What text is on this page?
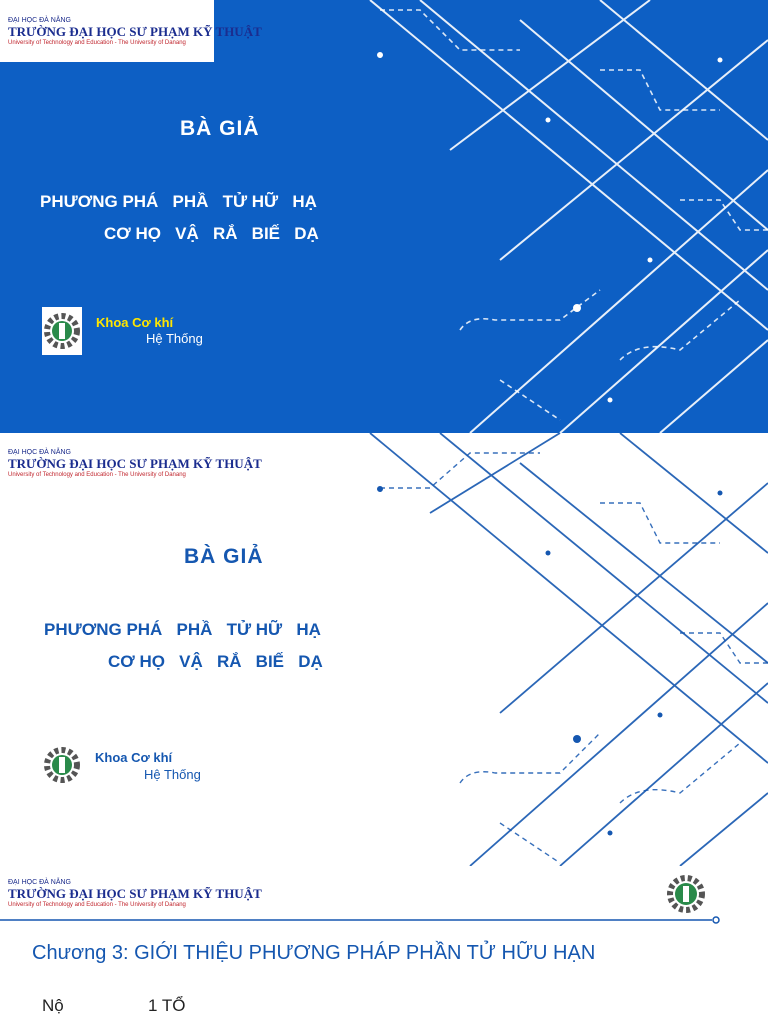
ĐẠI HỌC ĐÀ NẴNG
TRƯỜNG ĐẠI HỌC SƯ PHẠM KỸ THUẬT
University of Technology and Education - The University of Danang
BÀ GIẢ
PHƯƠNG PHÁ   PHẦ   TỬ HỮ   HẠ
CƠ HỌ   VẬ   RẮ   BIẾ   DẠ
Khoa Cơ khí
Hệ Thống
ĐẠI HỌC ĐÀ NẴNG
TRƯỜNG ĐẠI HỌC SƯ PHẠM KỸ THUẬT
University of Technology and Education - The University of Danang
BÀ GIẢ
PHƯƠNG PHÁ   PHẦ   TỬ HỮ   HẠ
CƠ HỌ   VẬ   RẮ   BIẾ   DẠ
Khoa Cơ khí
Hệ Thống
ĐẠI HỌC ĐÀ NẴNG
TRƯỜNG ĐẠI HỌC SƯ PHẠM KỸ THUẬT
University of Technology and Education - The University of Danang
Chương 3: GIỚI THIỆU PHƯƠNG PHÁP PHẦN TỬ HỮU HẠN
Nộ	1 TỔ
